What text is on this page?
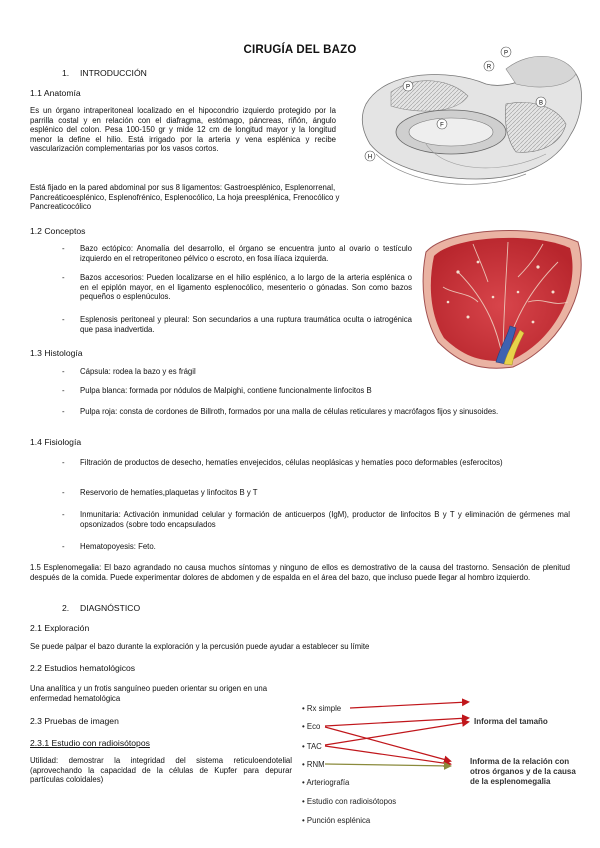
CIRUGÍA DEL BAZO
1. INTRODUCCIÓN
1.1 Anatomía
Es un órgano intraperitoneal localizado en el hipocondrio izquierdo protegido por la parrilla costal y en relación con el diafragma, estómago, páncreas, riñón, ángulo esplénico del colon. Pesa 100-150 gr y mide 12 cm de longitud mayor y la longitud menor la define el hilio. Está irrigado por la arteria y vena esplénica y recibe vascularización complementarias por los vasos cortos.
Está fijado en la pared abdominal por sus 8 ligamentos: Gastroesplénico, Esplenorrenal, Pancreáticoesplénico, Esplenofrénico, Esplenocólico, La hoja preesplénica, Frenocólico y Pancreaticocólico
P
R
B
F
H
P
1.2 Conceptos
- Bazo ectópico: Anomalía del desarrollo, el órgano se encuentra junto al ovario o testículo izquierdo en el retroperitoneo pélvico o escroto, en fosa ilíaca izquierda.
- Bazos accesorios: Pueden localizarse en el hilio esplénico, a lo largo de la arteria esplénica o en el epiplón mayor, en el ligamento esplenocólico, mesenterio o gónadas. Son como bazos pequeños o esplenúculos.
- Esplenosis peritoneal y pleural: Son secundarios a una ruptura traumática oculta o iatrogénica que pasa inadvertida.
1.3 Histología
- Cápsula: rodea la bazo y es frágil
- Pulpa blanca: formada por nódulos de Malpighi, contiene funcionalmente linfocitos B
- Pulpa roja: consta de cordones de Billroth, formados por una malla de células reticulares y macrófagos fijos y sinusoides.
1.4 Fisiología
- Filtración de productos de desecho, hematíes envejecidos, células neoplásicas y hematíes poco deformables (esferocitos)
- Reservorio de hematíes,plaquetas y linfocitos B y T
- Inmunitaria: Activación inmunidad celular y formación de anticuerpos (IgM), productor de linfocitos B y T y eliminación de gérmenes mal opsonizados (sobre todo encapsulados
- Hematopoyesis: Feto.
1.5 Esplenomegalia: El bazo agrandado no causa muchos síntomas y ninguno de ellos es demostrativo de la causa del trastorno. Sensación de plenitud después de la comida. Puede experimentar dolores de abdomen y de espalda en el área del bazo, que incluso puede llegar al hombro izquierdo.
2. DIAGNÓSTICO
2.1 Exploración
Se puede palpar el bazo durante la exploración y la percusión puede ayudar a establecer su límite
2.2 Estudios hematológicos
Una analítica y un frotis sanguíneo pueden orientar su origen en una enfermedad hematológica
2.3 Pruebas de imagen
2.3.1 Estudio con radioisótopos
Utilidad: demostrar la integridad del sistema reticuloendotelial (aprovechando la capacidad de la células de Kupfer para depurar partículas coloidales)
• Rx simple
• Eco
• TAC
• RNM
• Arteriografía
• Estudio con radioisótopos
• Punción esplénica
Informa del tamaño
Informa de la relación con otros órganos y de la causa de la esplenomegalia
